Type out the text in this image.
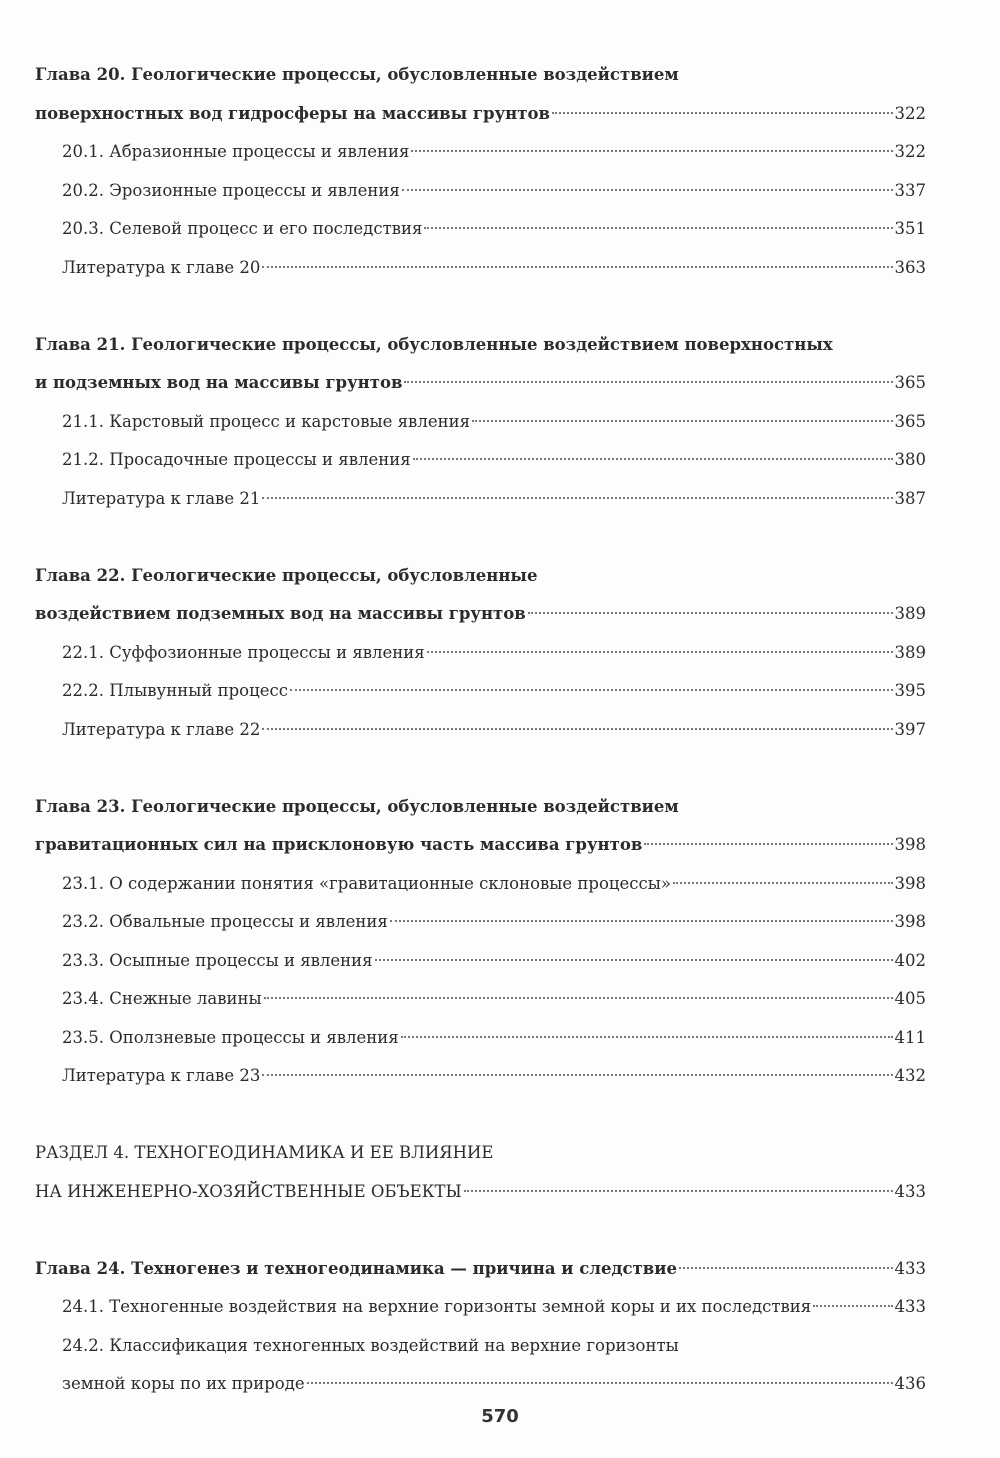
Глава 20. Геологические процессы, обусловленные воздействием
поверхностных вод гидросферы на массивы грунтов	322
20.1. Абразионные процессы и явления	322
20.2. Эрозионные процессы и явления	337
20.3. Селевой процесс и его последствия	351
Литература к главе 20	363
Глава 21. Геологические процессы, обусловленные воздействием поверхностных
и подземных вод на массивы грунтов	365
21.1. Карстовый процесс и карстовые явления	365
21.2. Просадочные процессы и явления	380
Литература к главе 21	387
Глава 22. Геологические процессы, обусловленные
воздействием подземных вод на массивы грунтов	389
22.1. Суффозионные процессы и явления	389
22.2. Плывунный процесс	395
Литература к главе 22	397
Глава 23. Геологические процессы, обусловленные воздействием
гравитационных сил на присклоновую часть массива грунтов	398
23.1. О содержании понятия «гравитационные склоновые процессы»	398
23.2. Обвальные процессы и явления	398
23.3. Осыпные процессы и явления	402
23.4. Снежные лавины	405
23.5. Оползневые процессы и явления	411
Литература к главе 23	432
РАЗДЕЛ 4. ТЕХНОГЕОДИНАМИКА И ЕЕ ВЛИЯНИЕ
НА ИНЖЕНЕРНО-ХОЗЯЙСТВЕННЫЕ ОБЪЕКТЫ	433
Глава 24. Техногенез и техногеодинамика — причина и следствие	433
24.1. Техногенные воздействия на верхние горизонты земной коры и их последствия	433
24.2. Классификация техногенных воздействий на верхние горизонты
земной коры по их природе	436
570
